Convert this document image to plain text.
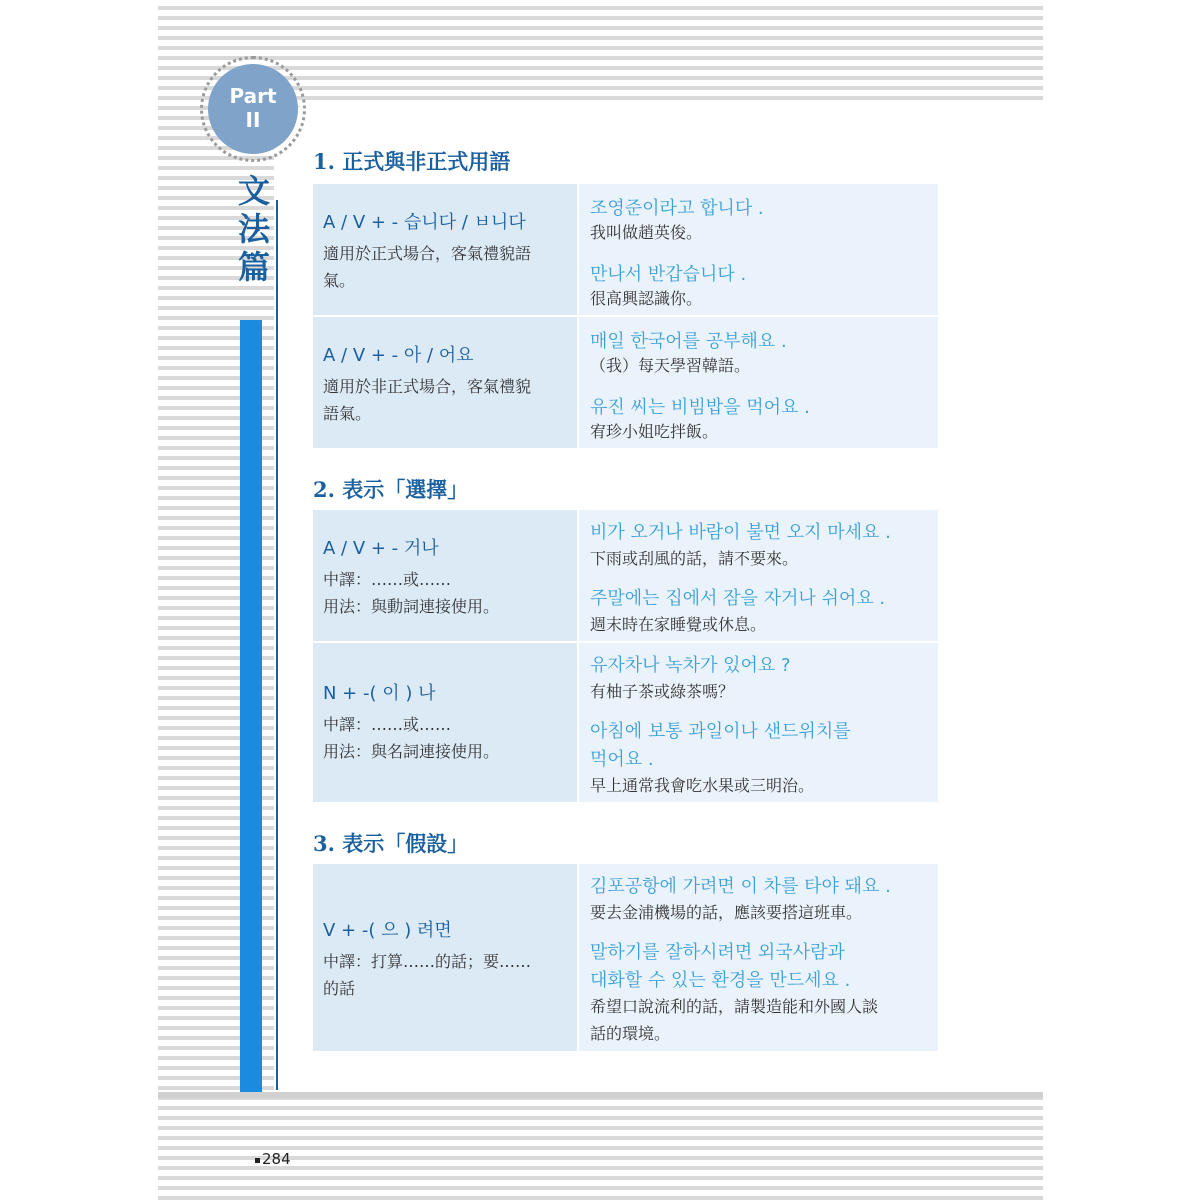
Part
II
文
法
篇
1. 正式與非正式用語
A / V + - 습니다 / ㅂ니다
適用於正式場合，客氣禮貌語
氣。
조영준이라고 합니다 .
我叫做趙英俊。
만나서 반갑습니다 .
很高興認識你。
A / V + - 아 / 어요
適用於非正式場合，客氣禮貌
語氣。
매일 한국어를 공부해요 .
（我）每天學習韓語。
유진 씨는 비빔밥을 먹어요 .
宥珍小姐吃拌飯。
2. 表示「選擇」
A / V + - 거나
中譯：……或……
用法：與動詞連接使用。
비가 오거나 바람이 불면 오지 마세요 .
下雨或刮風的話，請不要來。
주말에는 집에서 잠을 자거나 쉬어요 .
週末時在家睡覺或休息。
N + -( 이 ) 나
中譯：……或……
用法：與名詞連接使用。
유자차나 녹차가 있어요 ?
有柚子茶或綠茶嗎？
아침에 보통 과일이나 샌드위치를
먹어요 .
早上通常我會吃水果或三明治。
3. 表示「假設」
V + -( 으 ) 려면
中譯：打算……的話；要……
的話
김포공항에 가려면 이 차를 타야 돼요 .
要去金浦機場的話，應該要搭這班車。
말하기를 잘하시려면 외국사람과
대화할 수 있는 환경을 만드세요 .
希望口說流利的話，請製造能和外國人談
話的環境。
284
